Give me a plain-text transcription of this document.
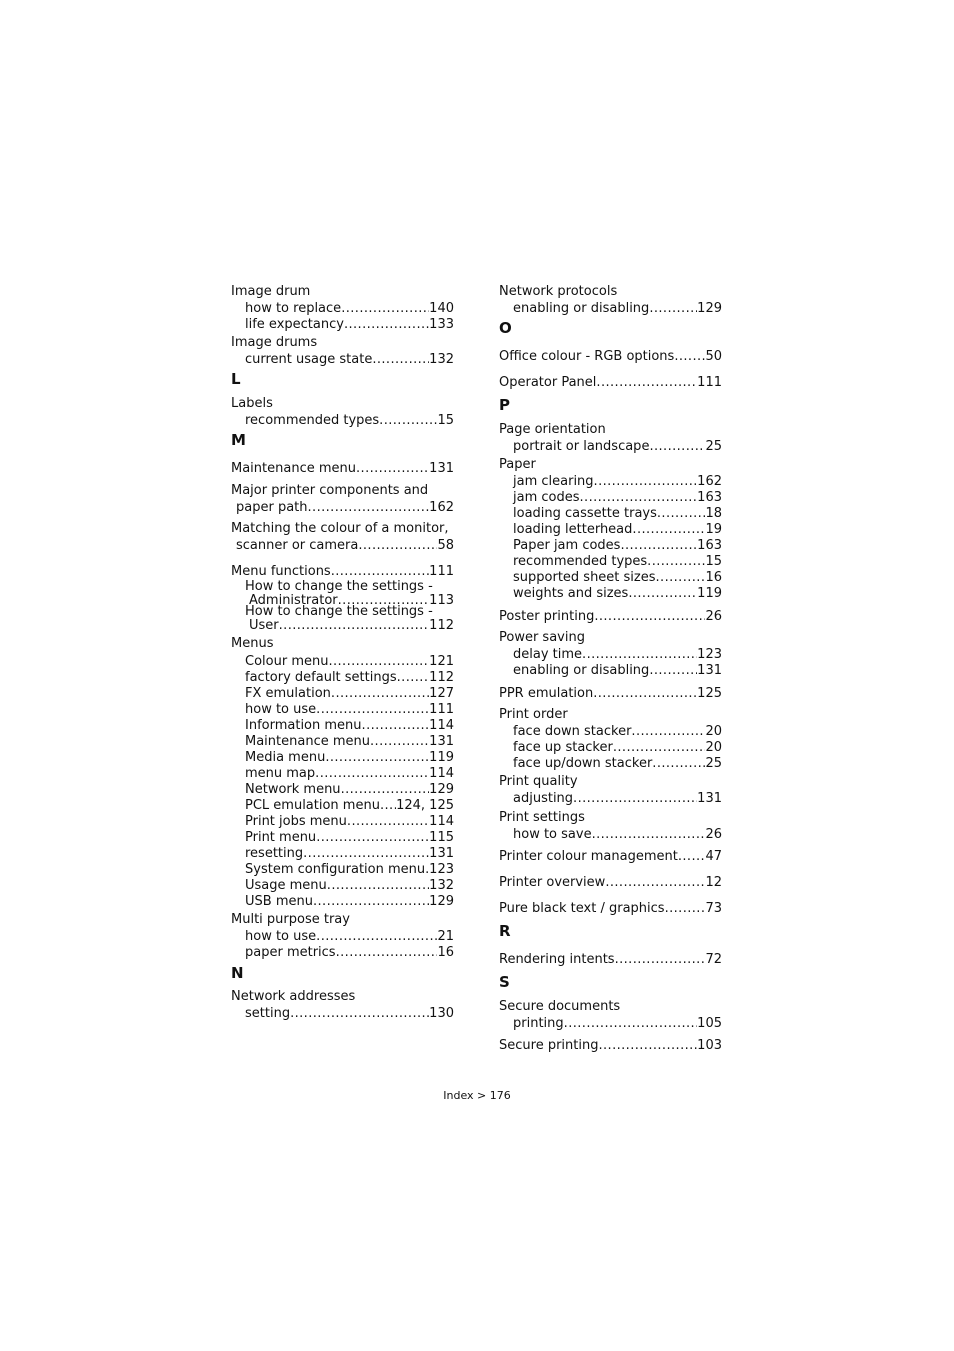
Image drum
how to replace .....	140
life expectancy .....	133
Image drums
current usage state .....	132
L
Labels
recommended types .....	15
M
Maintenance menu .....	131
Major printer components and
paper path .....	162
Matching the colour of a monitor,
scanner or camera .....	58
Menu functions .....	111
How to change the settings -
Administrator .....	113
How to change the settings -
User .....	112
Menus
Colour menu .....	121
factory default settings .....	112
FX emulation .....	127
how to use .....	111
Information menu .....	114
Maintenance menu .....	131
Media menu .....	119
menu map .....	114
Network menu .....	129
PCL emulation menu ..... 124, 125
Print jobs menu .....	114
Print menu .....	115
resetting .....	131
System configuration menu ..... 123
Usage menu .....	132
USB menu .....	129
Multi purpose tray
how to use .....	21
paper metrics .....	16
N
Network addresses
setting .....	130
Network protocols
enabling or disabling .....	129
O
Office colour - RGB options ..... 50
Operator Panel .....	111
P
Page orientation
portrait or landscape .....	25
Paper
jam clearing .....	162
jam codes .....	163
loading cassette trays .....	18
loading letterhead .....	19
Paper jam codes .....	163
recommended types .....	15
supported sheet sizes .....	16
weights and sizes .....	119
Poster printing .....	26
Power saving
delay time .....	123
enabling or disabling .....	131
PPR emulation .....	125
Print order
face down stacker .....	20
face up stacker .....	20
face up/down stacker .....	25
Print quality
adjusting .....	131
Print settings
how to save .....	26
Printer colour management ..... 47
Printer overview .....	12
Pure black text / graphics .....	73
R
Rendering intents .....	72
S
Secure documents
printing .....	105
Secure printing .....	103
Index > 176
